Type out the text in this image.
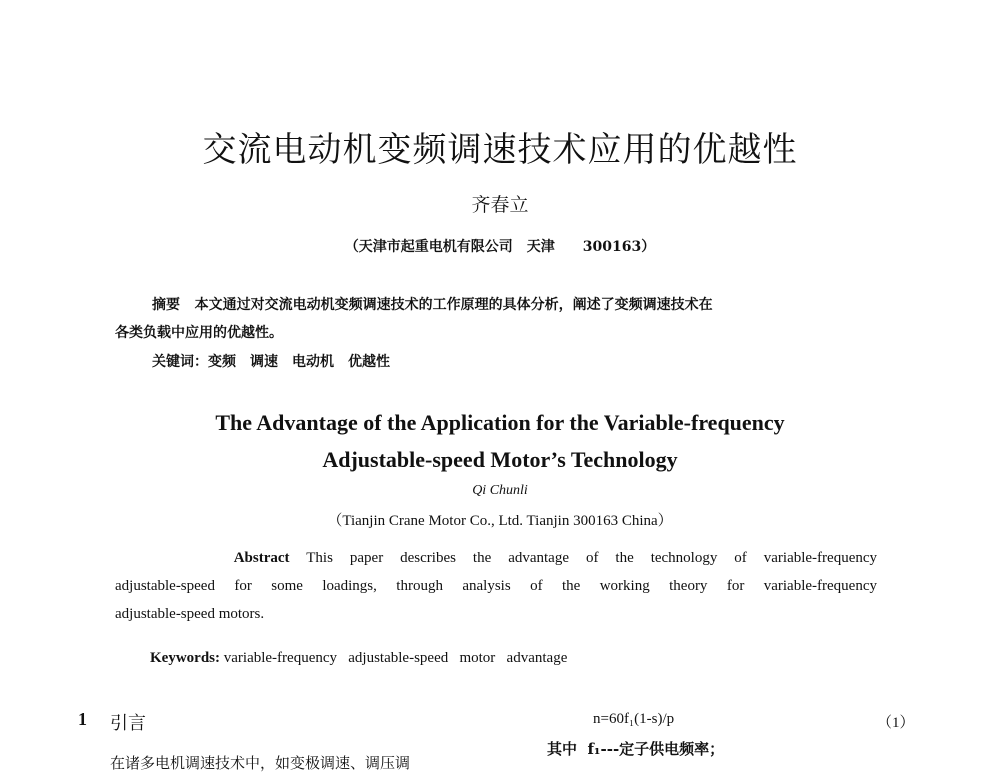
交流电动机变频调速技术应用的优越性
齐春立
（天津市起重电机有限公司　天津　　300163）
摘要 本文通过对交流电动机变频调速技术的工作原理的具体分析，阐述了变频调速技术在
各类负载中应用的优越性。
关键词：变频　调速　电动机　优越性
The Advantage of the Application for the Variable-frequency
Adjustable-speed Motor’s Technology
Qi Chunli
（Tianjin Crane Motor Co., Ltd. Tianjin 300163 China）
Abstract This paper describes the advantage of the technology of variable-frequency
adjustable-speed for some loadings, through analysis of the working theory for variable-frequency
adjustable-speed motors.
Keywords: variable-frequency   adjustable-speed   motor   advantage
1 引言	n=60f₁(1-s)/p	（1）
其中 f₁---定子供电频率；
在诸多电机调速技术中，如变极调速、调压调
